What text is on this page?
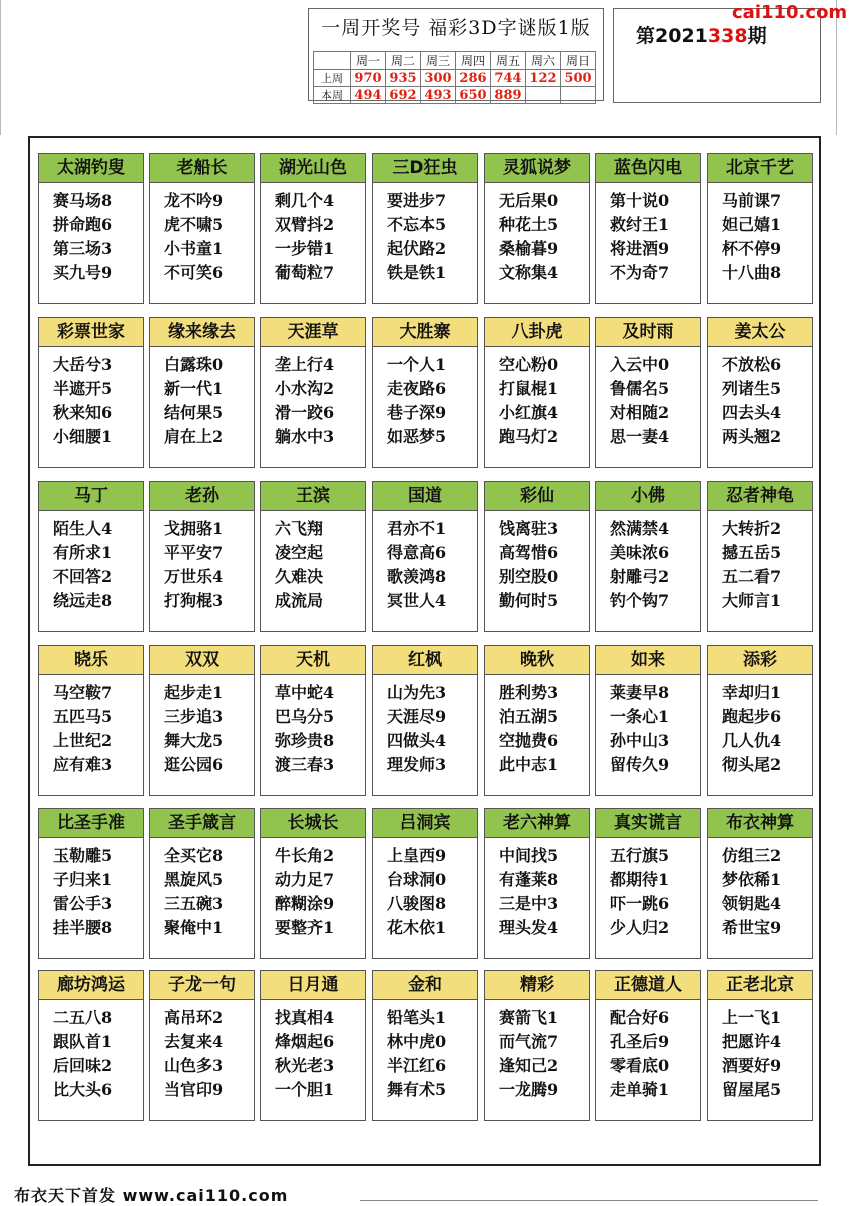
一周开奖号 福彩3D字谜版1版
	周一	周二	周三	周四	周五	周六	周日
上周	970	935	300	286	744	122	500
本周	494	692	493	650	889		
第2021338期
cai110.com
太湖钓叟
赛马场8
拼命跑6
第三场3
买九号9
老船长
龙不吟9
虎不啸5
小书童1
不可笑6
湖光山色
剩几个4
双臂抖2
一步错1
葡萄粒7
三D狂虫
要进步7
不忘本5
起伏路2
铁是铁1
灵狐说梦
无后果0
种花土5
桑榆暮9
文称集4
蓝色闪电
第十说0
救纣王1
将进酒9
不为奇7
北京千艺
马前课7
妲己嬉1
杯不停9
十八曲8
彩票世家
大岳兮3
半遮开5
秋来知6
小细腰1
缘来缘去
白露珠0
新一代1
结何果5
肩在上2
天涯草
垄上行4
小水沟2
滑一跤6
躺水中3
大胜寨
一个人1
走夜路6
巷子深9
如恶梦5
八卦虎
空心粉0
打鼠棍1
小红旗4
跑马灯2
及时雨
入云中0
鲁儒名5
对相随2
思一妻4
姜太公
不放松6
列诸生5
四去头4
两头翘2
马丁
陌生人4
有所求1
不回答2
绕远走8
老孙
戈拥骆1
平平安7
万世乐4
打狗棍3
王滨
六飞翔
凌空起
久难决
成流局
国道
君亦不1
得意高6
歌羡鸿8
冥世人4
彩仙
饯离驻3
高驾惜6
别空股0
勤何时5
小佛
然满禁4
美味浓6
射雕弓2
钓个钩7
忍者神龟
大转折2
撼五岳5
五二看7
大师言1
晓乐
马空鞍7
五匹马5
上世纪2
应有难3
双双
起步走1
三步追3
舞大龙5
逛公园6
天机
草中蛇4
巴乌分5
弥珍贵8
渡三春3
红枫
山为先3
天涯尽9
四做头4
理发师3
晚秋
胜利势3
泊五湖5
空抛费6
此中志1
如来
莱妻早8
一条心1
孙中山3
留传久9
添彩
幸却归1
跑起步6
几人仇4
彻头尾2
比圣手准
玉勒雕5
子归来1
雷公手3
挂半腰8
圣手箴言
全买它8
黑旋风5
三五碗3
聚俺中1
长城长
牛长角2
动力足7
醉糊涂9
要整齐1
吕洞宾
上皇西9
台球洞0
八骏图8
花木依1
老六神算
中间找5
有蓬莱8
三是中3
理头发4
真实谎言
五行旗5
都期待1
吓一跳6
少人归2
布衣神算
仿组三2
梦依稀1
领钥匙4
希世宝9
廊坊鸿运
二五八8
跟队首1
后回味2
比大头6
子龙一句
高吊环2
去复来4
山色多3
当官印9
日月通
找真相4
烽烟起6
秋光老3
一个胆1
金和
铅笔头1
林中虎0
半江红6
舞有术5
精彩
赛箭飞1
而气流7
逢知己2
一龙腾9
正德道人
配合好6
孔圣后9
零看底0
走单骑1
正老北京
上一飞1
把愿许4
酒要好9
留屋尾5
布衣天下首发 www.cai110.com
